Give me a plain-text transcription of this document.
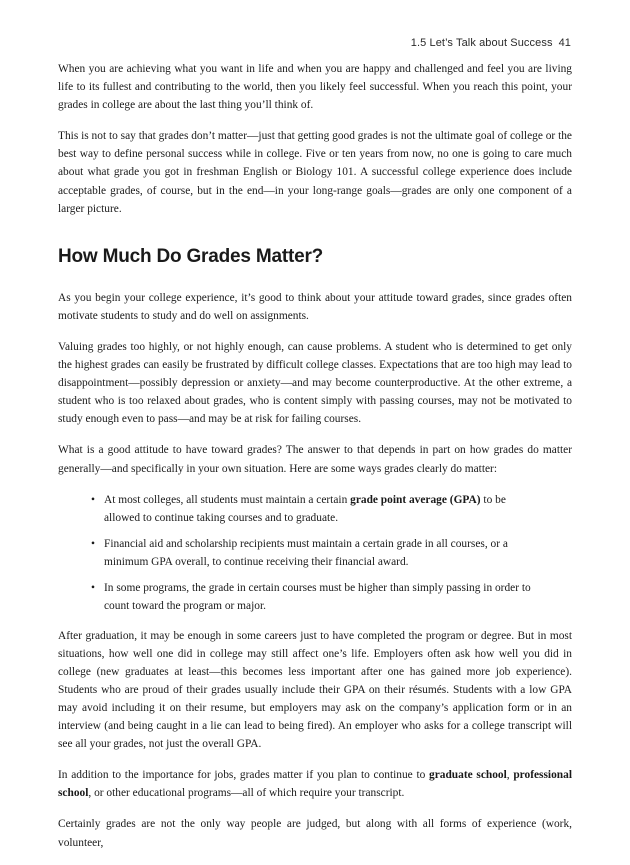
1.5 Let’s Talk about Success 41

When you are achieving what you want in life and when you are happy and challenged and feel you are living life to its fullest and contributing to the world, then you likely feel successful. When you reach this point, your grades in college are about the last thing you’ll think of.

This is not to say that grades don’t matter—just that getting good grades is not the ultimate goal of college or the best way to define personal success while in college. Five or ten years from now, no one is going to care much about what grade you got in freshman English or Biology 101. A successful college experience does include acceptable grades, of course, but in the end—in your long-range goals—grades are only one component of a larger picture.

How Much Do Grades Matter?

As you begin your college experience, it’s good to think about your attitude toward grades, since grades often motivate students to study and do well on assignments.

Valuing grades too highly, or not highly enough, can cause problems. A student who is determined to get only the highest grades can easily be frustrated by difficult college classes. Expectations that are too high may lead to disappointment—possibly depression or anxiety—and may become counterproductive. At the other extreme, a student who is too relaxed about grades, who is content simply with passing courses, may not be motivated to study enough even to pass—and may be at risk for failing courses.

What is a good attitude to have toward grades? The answer to that depends in part on how grades do matter generally—and specifically in your own situation. Here are some ways grades clearly do matter:

• At most colleges, all students must maintain a certain grade point average (GPA) to be allowed to continue taking courses and to graduate.
• Financial aid and scholarship recipients must maintain a certain grade in all courses, or a minimum GPA overall, to continue receiving their financial award.
• In some programs, the grade in certain courses must be higher than simply passing in order to count toward the program or major.

After graduation, it may be enough in some careers just to have completed the program or degree. But in most situations, how well one did in college may still affect one’s life. Employers often ask how well you did in college (new graduates at least—this becomes less important after one has gained more job experience). Students who are proud of their grades usually include their GPA on their résumés. Students with a low GPA may avoid including it on their resume, but employers may ask on the company’s application form or in an interview (and being caught in a lie can lead to being fired). An employer who asks for a college transcript will see all your grades, not just the overall GPA.

In addition to the importance for jobs, grades matter if you plan to continue to graduate school, professional school, or other educational programs—all of which require your transcript.

Certainly grades are not the only way people are judged, but along with all forms of experience (work, volunteer,
